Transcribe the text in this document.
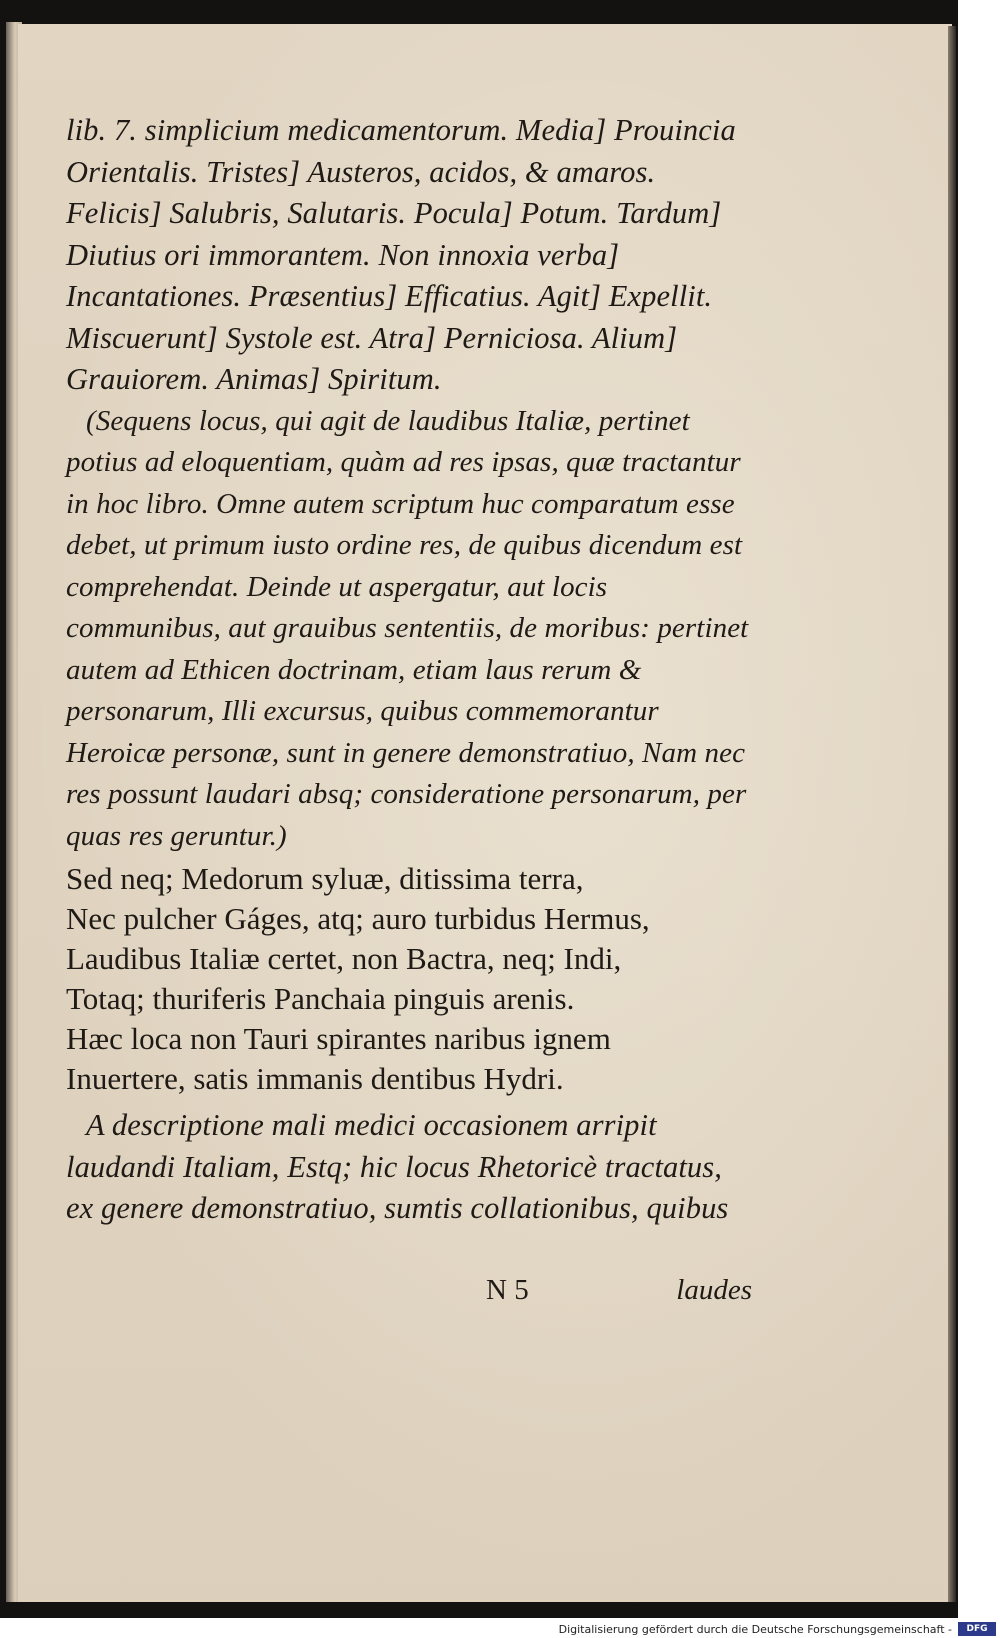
lib. 7. simplicium medicamentorum. Media] Prouincia Orientalis. Tristes] Austeros, acidos, & amaros. Felicis] Salubris, Salutaris. Pocula] Potum. Tardum] Diutius ori immorantem. Non innoxia verba] Incantationes. Præsentius] Efficatius. Agit] Expellit. Miscuerunt] Systole est. Atra] Perniciosa. Alium] Grauiorem. Animas] Spiritum.

(Sequens locus, qui agit de laudibus Italiæ, pertinet potius ad eloquentiam, quàm ad res ipsas, quæ tractantur in hoc libro. Omne autem scriptum huc comparatum esse debet, ut primum iusto ordine res, de quibus dicendum est comprehendat. Deinde ut aspergatur, aut locis communibus, aut grauibus sententiis, de moribus: pertinet autem ad Ethicen doctrinam, etiam laus rerum & personarum, Illi excursus, quibus commemorantur Heroicæ personæ, sunt in genere demonstratiuo, Nam nec res possunt laudari absq; consideratione personarum, per quas res geruntur.)

Sed neq; Medorum syluæ, ditissima terra,

Nec pulcher Gáges, atq; auro turbidus Hermus,

Laudibus Italiæ certet, non Bactra, neq; Indi,

Totaq; thuriferis Panchaia pinguis arenis.

Hæc loca non Tauri spirantes naribus ignem

Inuertere, satis immanis dentibus Hydri.

A descriptione mali medici occasionem arripit laudandi Italiam, Estq; hic locus Rhetoricè tractatus, ex genere demonstratiuo, sumtis collationibus, quibus

N 5	laudes
Digitalisierung gefördert durch die Deutsche Forschungsgemeinschaft -	DFG
